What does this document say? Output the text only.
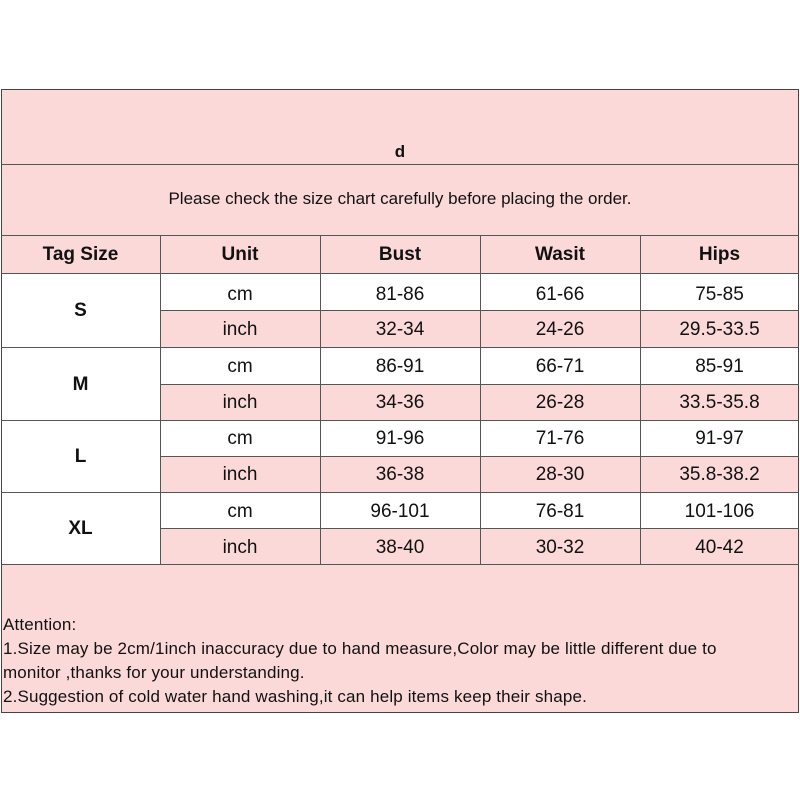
d
Please check the size chart carefully before placing the order.
Tag Size	Unit	Bust	Wasit	Hips
S
cm	81-86	61-66	75-85
inch	32-34	24-26	29.5-33.5
M
cm	86-91	66-71	85-91
inch	34-36	26-28	33.5-35.8
L
cm	91-96	71-76	91-97
inch	36-38	28-30	35.8-38.2
XL
cm	96-101	76-81	101-106
inch	38-40	30-32	40-42
Attention:
1.Size may be 2cm/1inch inaccuracy due to hand measure,Color may be little different due to
monitor ,thanks for your understanding.
2.Suggestion of cold water hand washing,it can help items keep their shape.
